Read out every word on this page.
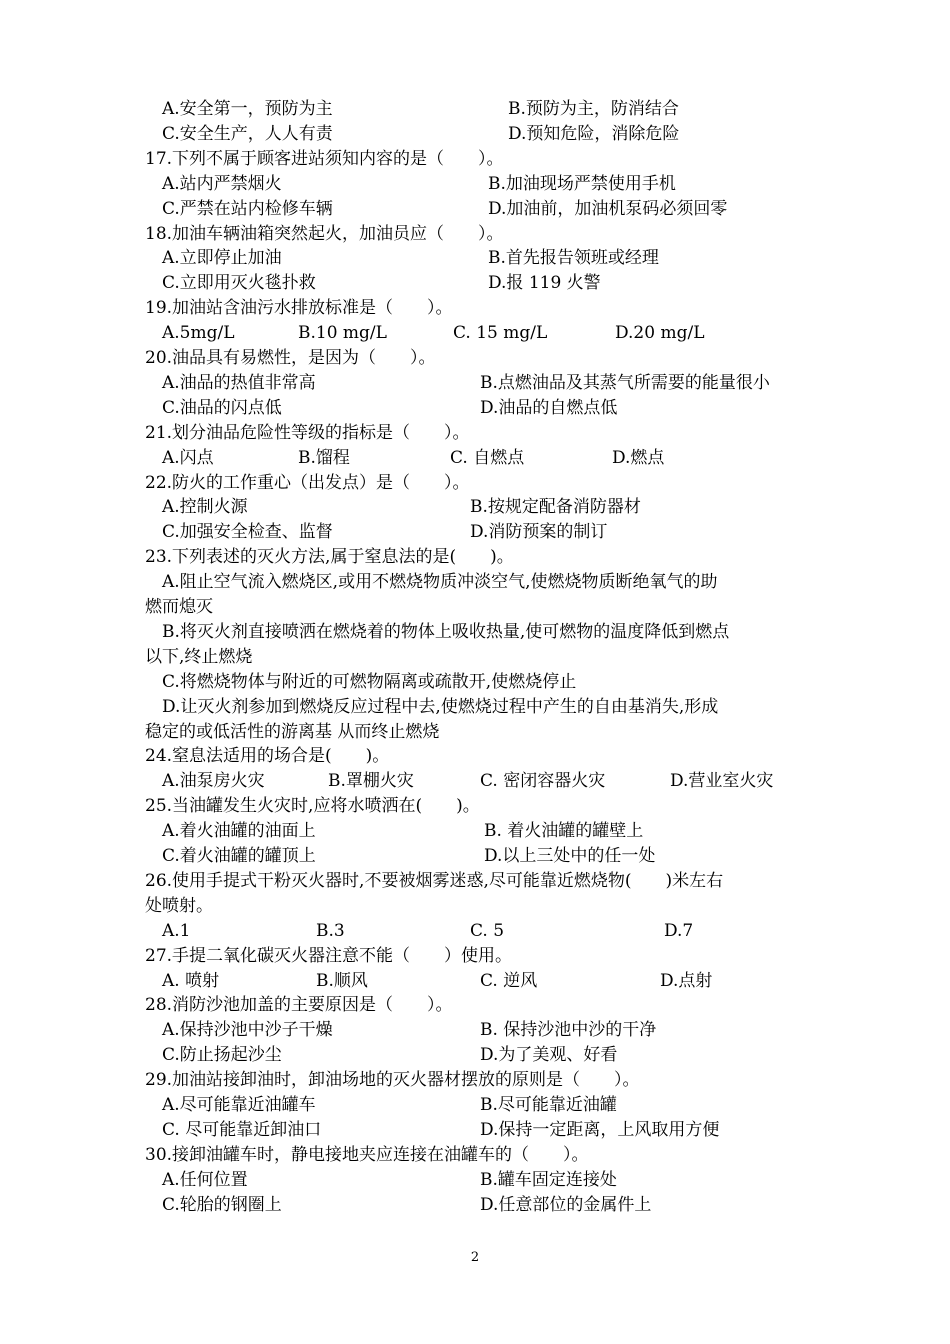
A.安全第一，预防为主	B.预防为主，防消结合
C.安全生产，人人有责	D.预知危险，消除危险
17.下列不属于顾客进站须知内容的是（　　）。
A.站内严禁烟火	B.加油现场严禁使用手机
C.严禁在站内检修车辆	D.加油前，加油机泵码必须回零
18.加油车辆油箱突然起火，加油员应（　　）。
A.立即停止加油	B.首先报告领班或经理
C.立即用灭火毯扑救	D.报 119 火警
19.加油站含油污水排放标准是（　　）。
A.5mg/L	B.10 mg/L	C. 15 mg/L	D.20 mg/L
20.油品具有易燃性，是因为（　　）。
A.油品的热值非常高	B.点燃油品及其蒸气所需要的能量很小
C.油品的闪点低	D.油品的自燃点低
21.划分油品危险性等级的指标是（　　）。
A.闪点	B.馏程	C. 自燃点	D.燃点
22.防火的工作重心（出发点）是（　　）。
A.控制火源	B.按规定配备消防器材
C.加强安全检查、监督	D.消防预案的制订
23.下列表述的灭火方法,属于窒息法的是(　　)。
A.阻止空气流入燃烧区,或用不燃烧物质冲淡空气,使燃烧物质断绝氧气的助
燃而熄灭
B.将灭火剂直接喷洒在燃烧着的物体上吸收热量,使可燃物的温度降低到燃点
以下,终止燃烧
C.将燃烧物体与附近的可燃物隔离或疏散开,使燃烧停止
D.让灭火剂参加到燃烧反应过程中去,使燃烧过程中产生的自由基消失,形成
稳定的或低活性的游离基 从而终止燃烧
24.窒息法适用的场合是(　　)。
A.油泵房火灾	B.罩棚火灾	C. 密闭容器火灾	D.营业室火灾
25.当油罐发生火灾时,应将水喷洒在(　　)。
A.着火油罐的油面上	B. 着火油罐的罐壁上
C.着火油罐的罐顶上	D.以上三处中的任一处
26.使用手提式干粉灭火器时,不要被烟雾迷惑,尽可能靠近燃烧物(　　)米左右
处喷射。
A.1	B.3	C. 5	D.7
27.手提二氧化碳灭火器注意不能（　　）使用。
A. 喷射	B.顺风	C. 逆风	D.点射
28.消防沙池加盖的主要原因是（　　）。
A.保持沙池中沙子干燥	B. 保持沙池中沙的干净
C.防止扬起沙尘	D.为了美观、好看
29.加油站接卸油时，卸油场地的灭火器材摆放的原则是（　　）。
A.尽可能靠近油罐车	B.尽可能靠近油罐
C. 尽可能靠近卸油口	D.保持一定距离，上风取用方便
30.接卸油罐车时，静电接地夹应连接在油罐车的（　　）。
A.任何位置	B.罐车固定连接处
C.轮胎的钢圈上	D.任意部位的金属件上
2
